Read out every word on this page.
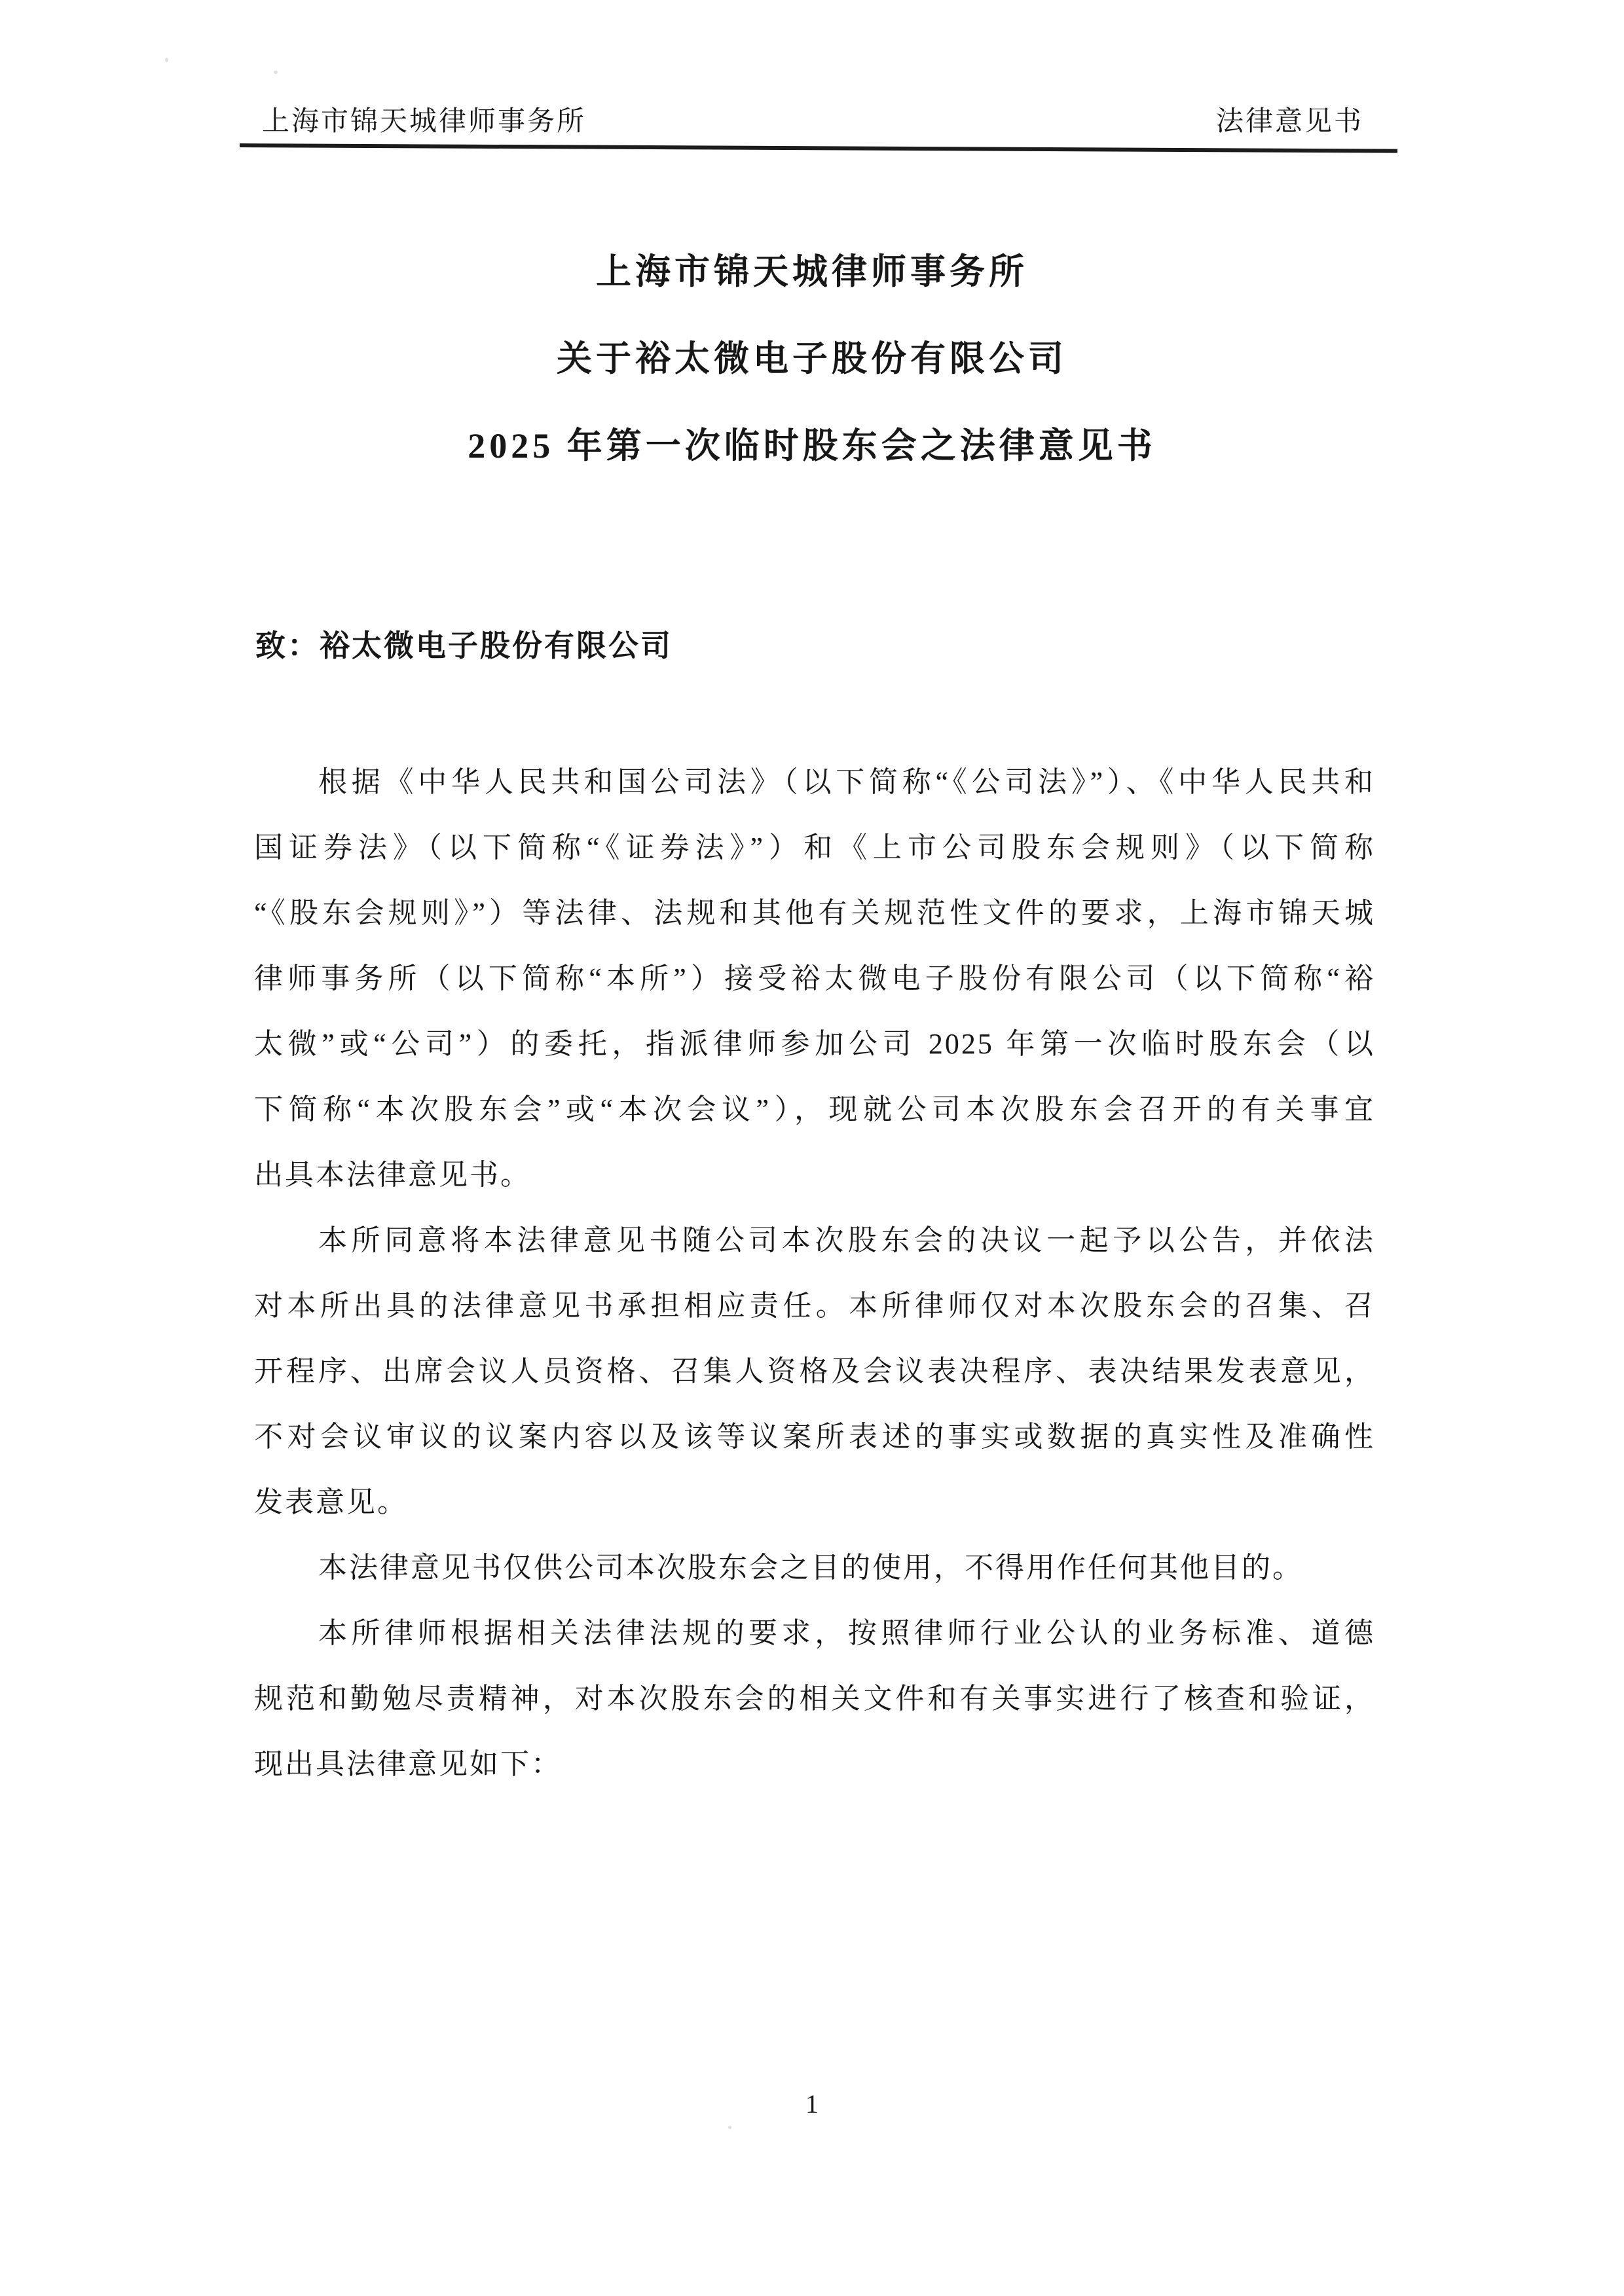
上海市锦天城律师事务所	法律意见书
上海市锦天城律师事务所
关于裕太微电子股份有限公司
2025 年第一次临时股东会之法律意见书
致：裕太微电子股份有限公司
根据《中华人民共和国公司法》（以下简称“《公司法》”）、《中华人民共和
国证券法》（以下简称“《证券法》”）和《上市公司股东会规则》（以下简称
“《股东会规则》”）等法律、法规和其他有关规范性文件的要求，上海市锦天城
律师事务所（以下简称“本所”）接受裕太微电子股份有限公司（以下简称“裕
太微”或“公司”）的委托，指派律师参加公司 2025 年第一次临时股东会（以
下简称“本次股东会”或“本次会议”），现就公司本次股东会召开的有关事宜
出具本法律意见书。
本所同意将本法律意见书随公司本次股东会的决议一起予以公告，并依法
对本所出具的法律意见书承担相应责任。本所律师仅对本次股东会的召集、召
开程序、出席会议人员资格、召集人资格及会议表决程序、表决结果发表意见，
不对会议审议的议案内容以及该等议案所表述的事实或数据的真实性及准确性
发表意见。
本法律意见书仅供公司本次股东会之目的使用，不得用作任何其他目的。
本所律师根据相关法律法规的要求，按照律师行业公认的业务标准、道德
规范和勤勉尽责精神，对本次股东会的相关文件和有关事实进行了核查和验证，
现出具法律意见如下：
1
